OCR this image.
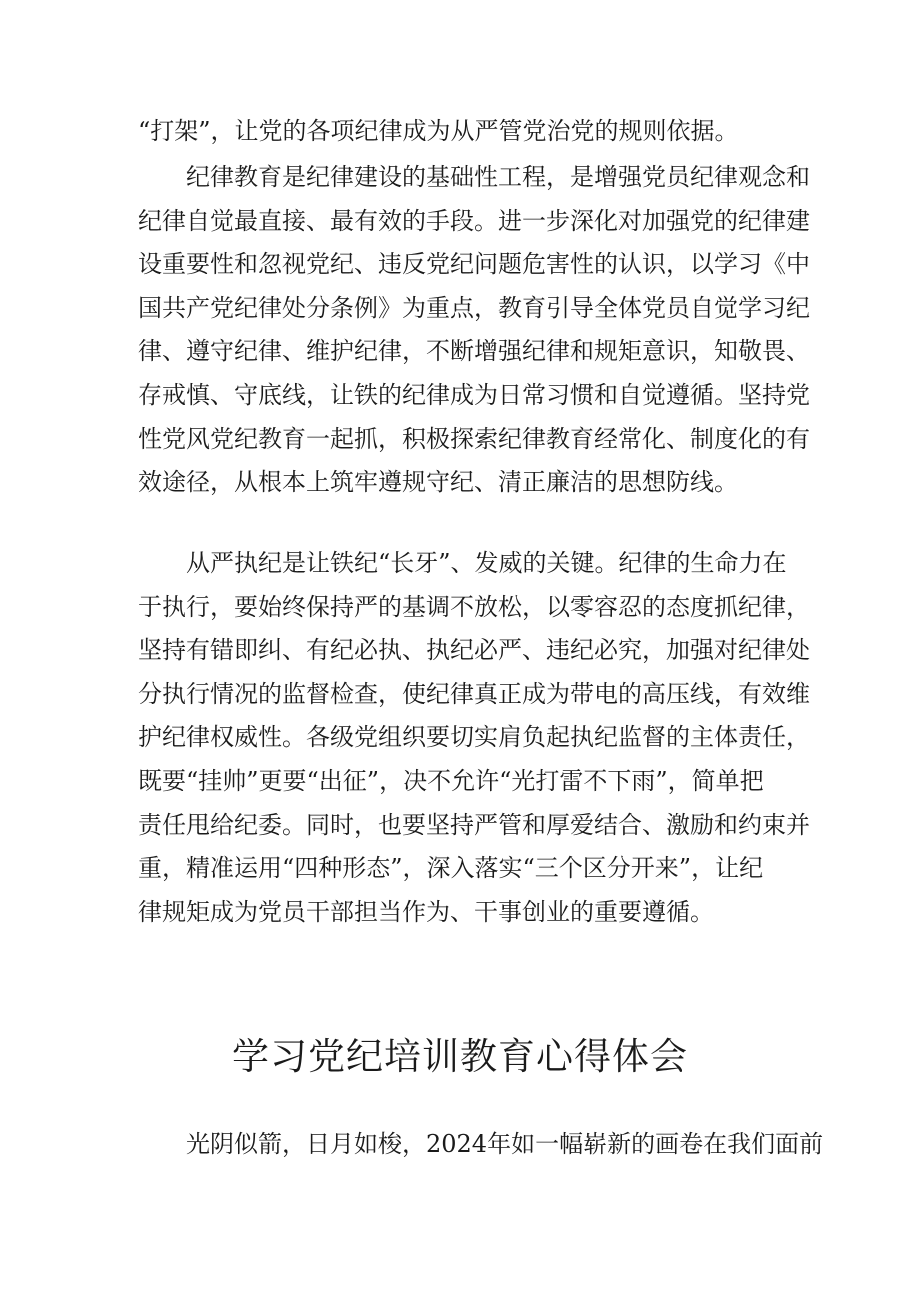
“打架”，让党的各项纪律成为从严管党治党的规则依据。
纪律教育是纪律建设的基础性工程，是增强党员纪律观念和
纪律自觉最直接、最有效的手段。进一步深化对加强党的纪律建
设重要性和忽视党纪、违反党纪问题危害性的认识，以学习《中
国共产党纪律处分条例》为重点，教育引导全体党员自觉学习纪
律、遵守纪律、维护纪律，不断增强纪律和规矩意识，知敬畏、
存戒慎、守底线，让铁的纪律成为日常习惯和自觉遵循。坚持党
性党风党纪教育一起抓，积极探索纪律教育经常化、制度化的有
效途径，从根本上筑牢遵规守纪、清正廉洁的思想防线。
从严执纪是让铁纪“长牙”、发威的关键。纪律的生命力在
于执行，要始终保持严的基调不放松，以零容忍的态度抓纪律，
坚持有错即纠、有纪必执、执纪必严、违纪必究，加强对纪律处
分执行情况的监督检查，使纪律真正成为带电的高压线，有效维
护纪律权威性。各级党组织要切实肩负起执纪监督的主体责任，
既要“挂帅”更要“出征”，决不允许“光打雷不下雨”，简单把
责任甩给纪委。同时，也要坚持严管和厚爱结合、激励和约束并
重，精准运用“四种形态”，深入落实“三个区分开来”，让纪
律规矩成为党员干部担当作为、干事创业的重要遵循。
学习党纪培训教育心得体会
光阴似箭，日月如梭，2024年如一幅崭新的画卷在我们面前
